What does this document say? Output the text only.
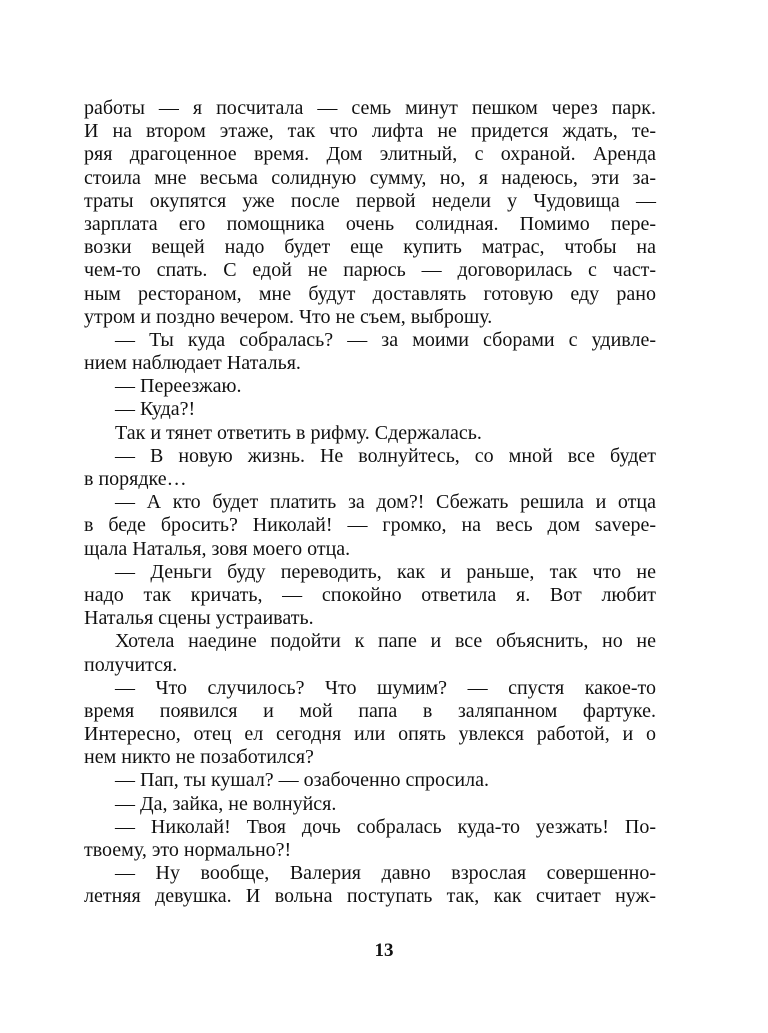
работы — я посчитала — семь минут пешком через парк.
И на втором этаже, так что лифта не придется ждать, те-
ряя драгоценное время. Дом элитный, с охраной. Аренда
стоила мне весьма солидную сумму, но, я надеюсь, эти за-
траты окупятся уже после первой недели у Чудовища —
зарплата его помощника очень солидная. Помимо пере-
возки вещей надо будет еще купить матрас, чтобы на
чем-то спать. С едой не парюсь — договорилась с част-
ным рестораном, мне будут доставлять готовую еду рано
утром и поздно вечером. Что не съем, выброшу.
— Ты куда собралась? — за моими сборами с удивле-
нием наблюдает Наталья.
— Переезжаю.
— Куда?!
Так и тянет ответить в рифму. Сдержалась.
— В новую жизнь. Не волнуйтесь, со мной все будет
в порядке…
— А кто будет платить за дом?! Сбежать решила и отца
в беде бросить? Николай! — громко, на весь дом savере-
щала Наталья, зовя моего отца.
— Деньги буду переводить, как и раньше, так что не
надо так кричать, — спокойно ответила я. Вот любит
Наталья сцены устраивать.
Хотела наедине подойти к папе и все объяснить, но не
получится.
— Что случилось? Что шумим? — спустя какое-то
время появился и мой папа в заляпанном фартуке.
Интересно, отец ел сегодня или опять увлекся работой, и о
нем никто не позаботился?
— Пап, ты кушал? — озабоченно спросила.
— Да, зайка, не волнуйся.
— Николай! Твоя дочь собралась куда-то уезжать! По-
твоему, это нормально?!
— Ну вообще, Валерия давно взрослая совершенно-
летняя девушка. И вольна поступать так, как считает нуж-
13
